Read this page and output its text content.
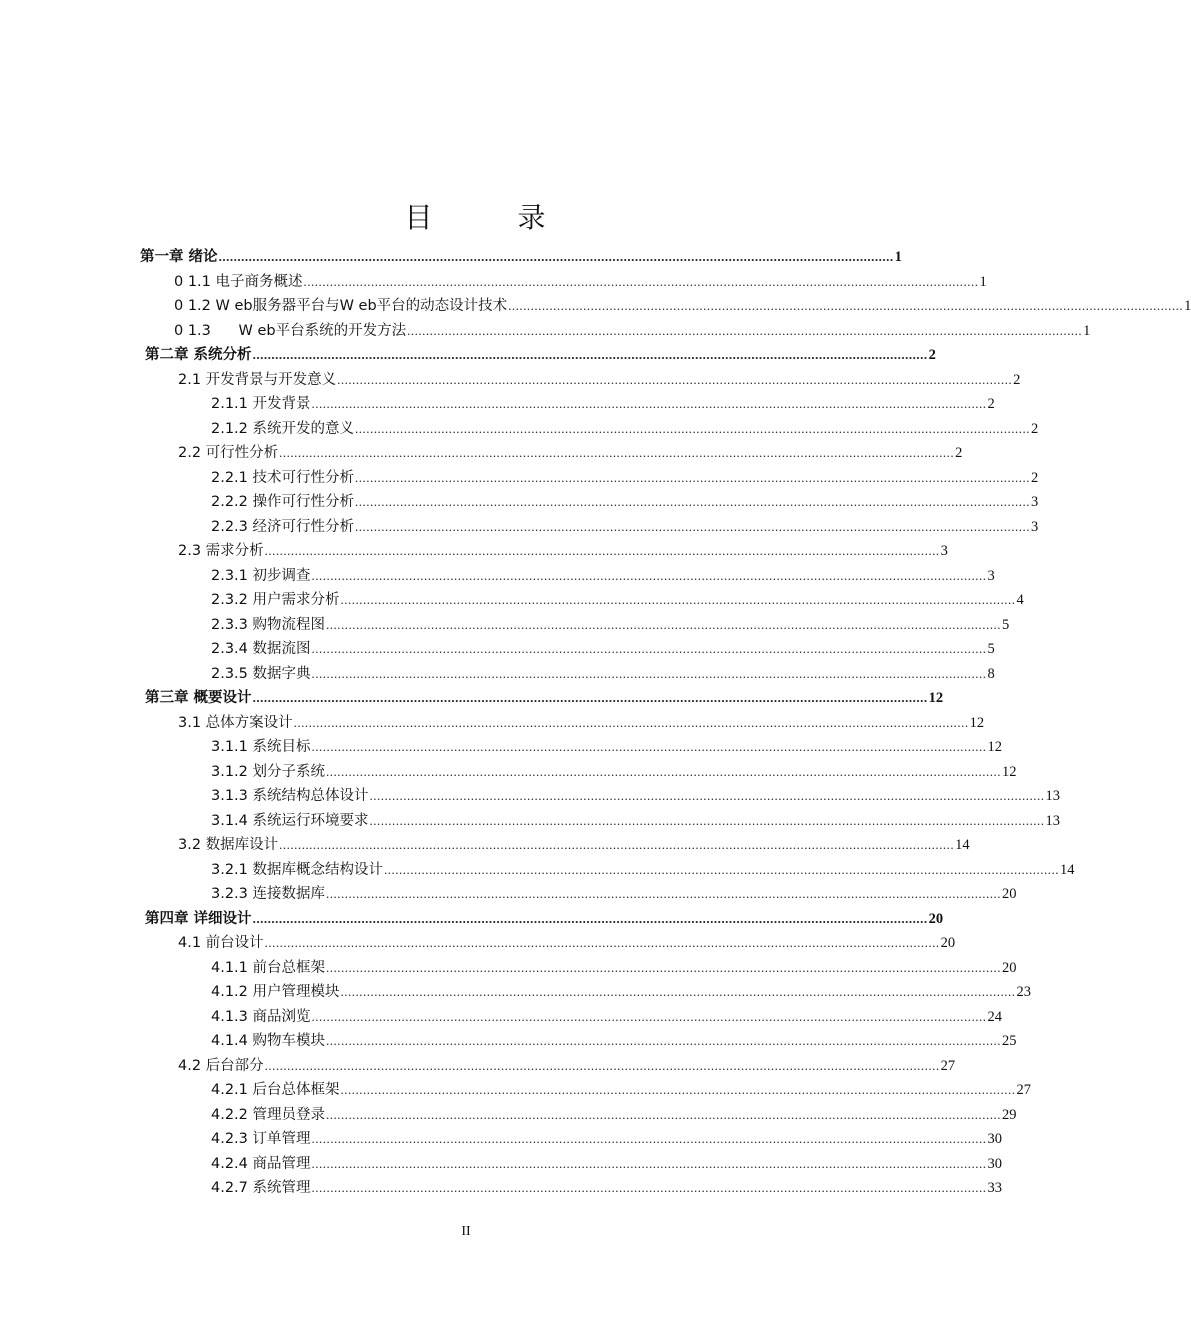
目 录
第一章 绪论 .................................................................................................................................................................................... 1
0 1.1 电子商务概述 .................................................................................................................................................................................... 1
0 1.2 W eb服务器平台与W eb平台的动态设计技术 .................................................................................................................................................................................... 1
0 1.3      W eb平台系统的开发方法 .................................................................................................................................................................................... 1
第二章 系统分析 .................................................................................................................................................................................... 2
2.1 开发背景与开发意义 .................................................................................................................................................................................... 2
2.1.1 开发背景 .................................................................................................................................................................................... 2
2.1.2 系统开发的意义 .................................................................................................................................................................................... 2
2.2 可行性分析 .................................................................................................................................................................................... 2
2.2.1 技术可行性分析 .................................................................................................................................................................................... 2
2.2.2 操作可行性分析 .................................................................................................................................................................................... 3
2.2.3 经济可行性分析 .................................................................................................................................................................................... 3
2.3 需求分析 .................................................................................................................................................................................... 3
2.3.1 初步调查 .................................................................................................................................................................................... 3
2.3.2 用户需求分析 .................................................................................................................................................................................... 4
2.3.3 购物流程图 .................................................................................................................................................................................... 5
2.3.4 数据流图 .................................................................................................................................................................................... 5
2.3.5 数据字典 .................................................................................................................................................................................... 8
第三章 概要设计 .................................................................................................................................................................................... 12
3.1 总体方案设计 .................................................................................................................................................................................... 12
3.1.1 系统目标 .................................................................................................................................................................................... 12
3.1.2 划分子系统 .................................................................................................................................................................................... 12
3.1.3 系统结构总体设计 .................................................................................................................................................................................... 13
3.1.4 系统运行环境要求 .................................................................................................................................................................................... 13
3.2 数据库设计 .................................................................................................................................................................................... 14
3.2.1 数据库概念结构设计 .................................................................................................................................................................................... 14
3.2.3 连接数据库 .................................................................................................................................................................................... 20
第四章 详细设计 .................................................................................................................................................................................... 20
4.1 前台设计 .................................................................................................................................................................................... 20
4.1.1 前台总框架 .................................................................................................................................................................................... 20
4.1.2 用户管理模块 .................................................................................................................................................................................... 23
4.1.3 商品浏览 .................................................................................................................................................................................... 24
4.1.4 购物车模块 .................................................................................................................................................................................... 25
4.2 后台部分 .................................................................................................................................................................................... 27
4.2.1 后台总体框架 .................................................................................................................................................................................... 27
4.2.2 管理员登录 .................................................................................................................................................................................... 29
4.2.3 订单管理 .................................................................................................................................................................................... 30
4.2.4 商品管理 .................................................................................................................................................................................... 30
4.2.7 系统管理 .................................................................................................................................................................................... 33
II
